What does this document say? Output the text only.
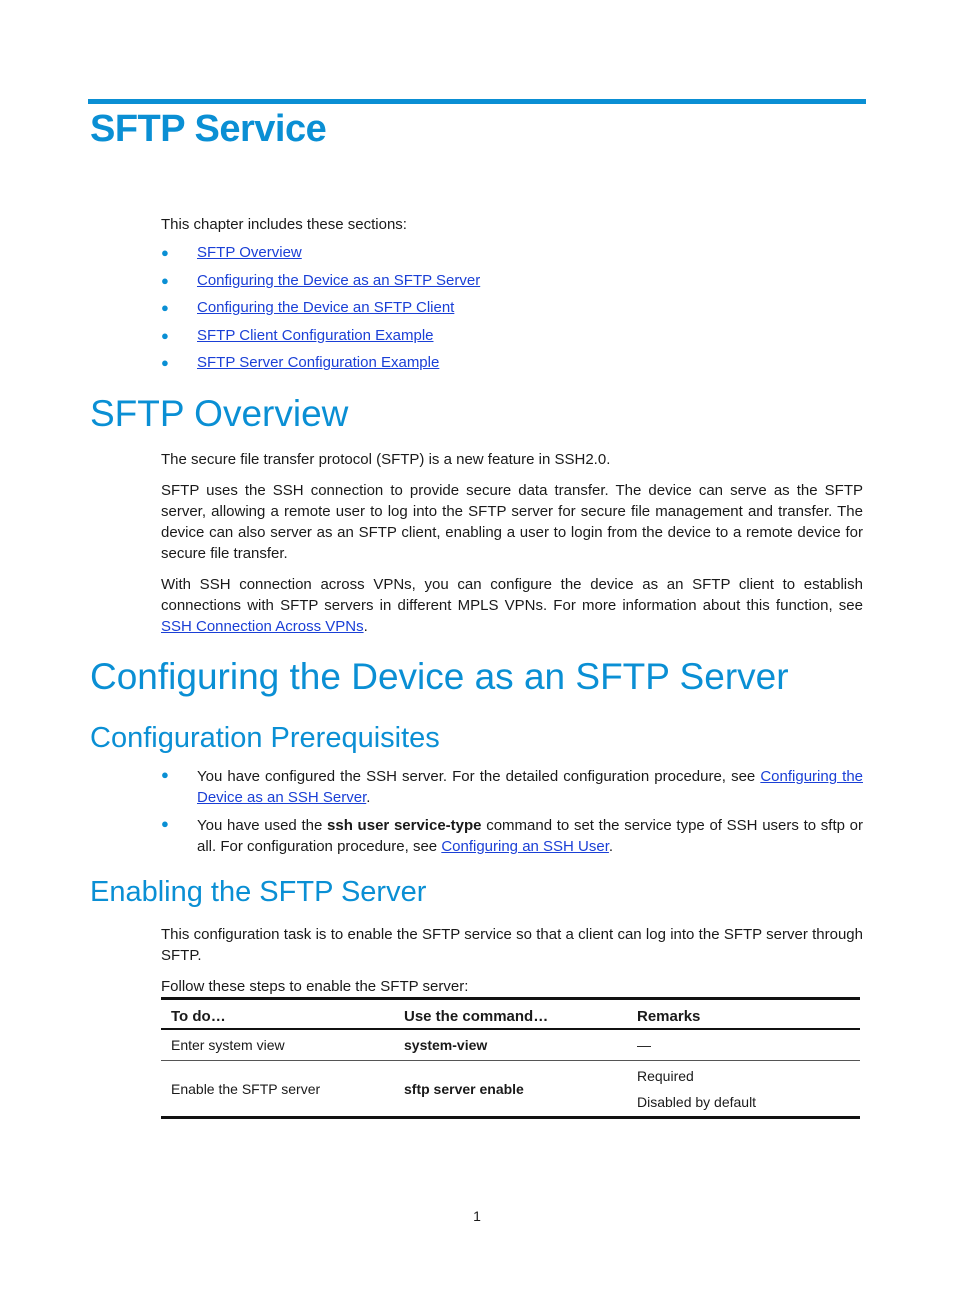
SFTP Service
This chapter includes these sections:
● SFTP Overview
● Configuring the Device as an SFTP Server
● Configuring the Device an SFTP Client
● SFTP Client Configuration Example
● SFTP Server Configuration Example
SFTP Overview

The secure file transfer protocol (SFTP) is a new feature in SSH2.0.

SFTP uses the SSH connection to provide secure data transfer. The device can serve as the SFTP server, allowing a remote user to log into the SFTP server for secure file management and transfer. The device can also server as an SFTP client, enabling a user to login from the device to a remote device for secure file transfer.

With SSH connection across VPNs, you can configure the device as an SFTP client to establish connections with SFTP servers in different MPLS VPNs. For more information about this function, see SSH Connection Across VPNs.

Configuring the Device as an SFTP Server
Configuration Prerequisites
● You have configured the SSH server. For the detailed configuration procedure, see Configuring the Device as an SSH Server.

● You have used the ssh user service-type command to set the service type of SSH users to sftp or all. For configuration procedure, see Configuring an SSH User.

Enabling the SFTP Server

This configuration task is to enable the SFTP service so that a client can log into the SFTP server through SFTP.

Follow these steps to enable the SFTP server:

To do…	Use the command…	Remarks
Enter system view	system-view	—
Enable the SFTP server	sftp server enable	Required
Disabled by default
1
